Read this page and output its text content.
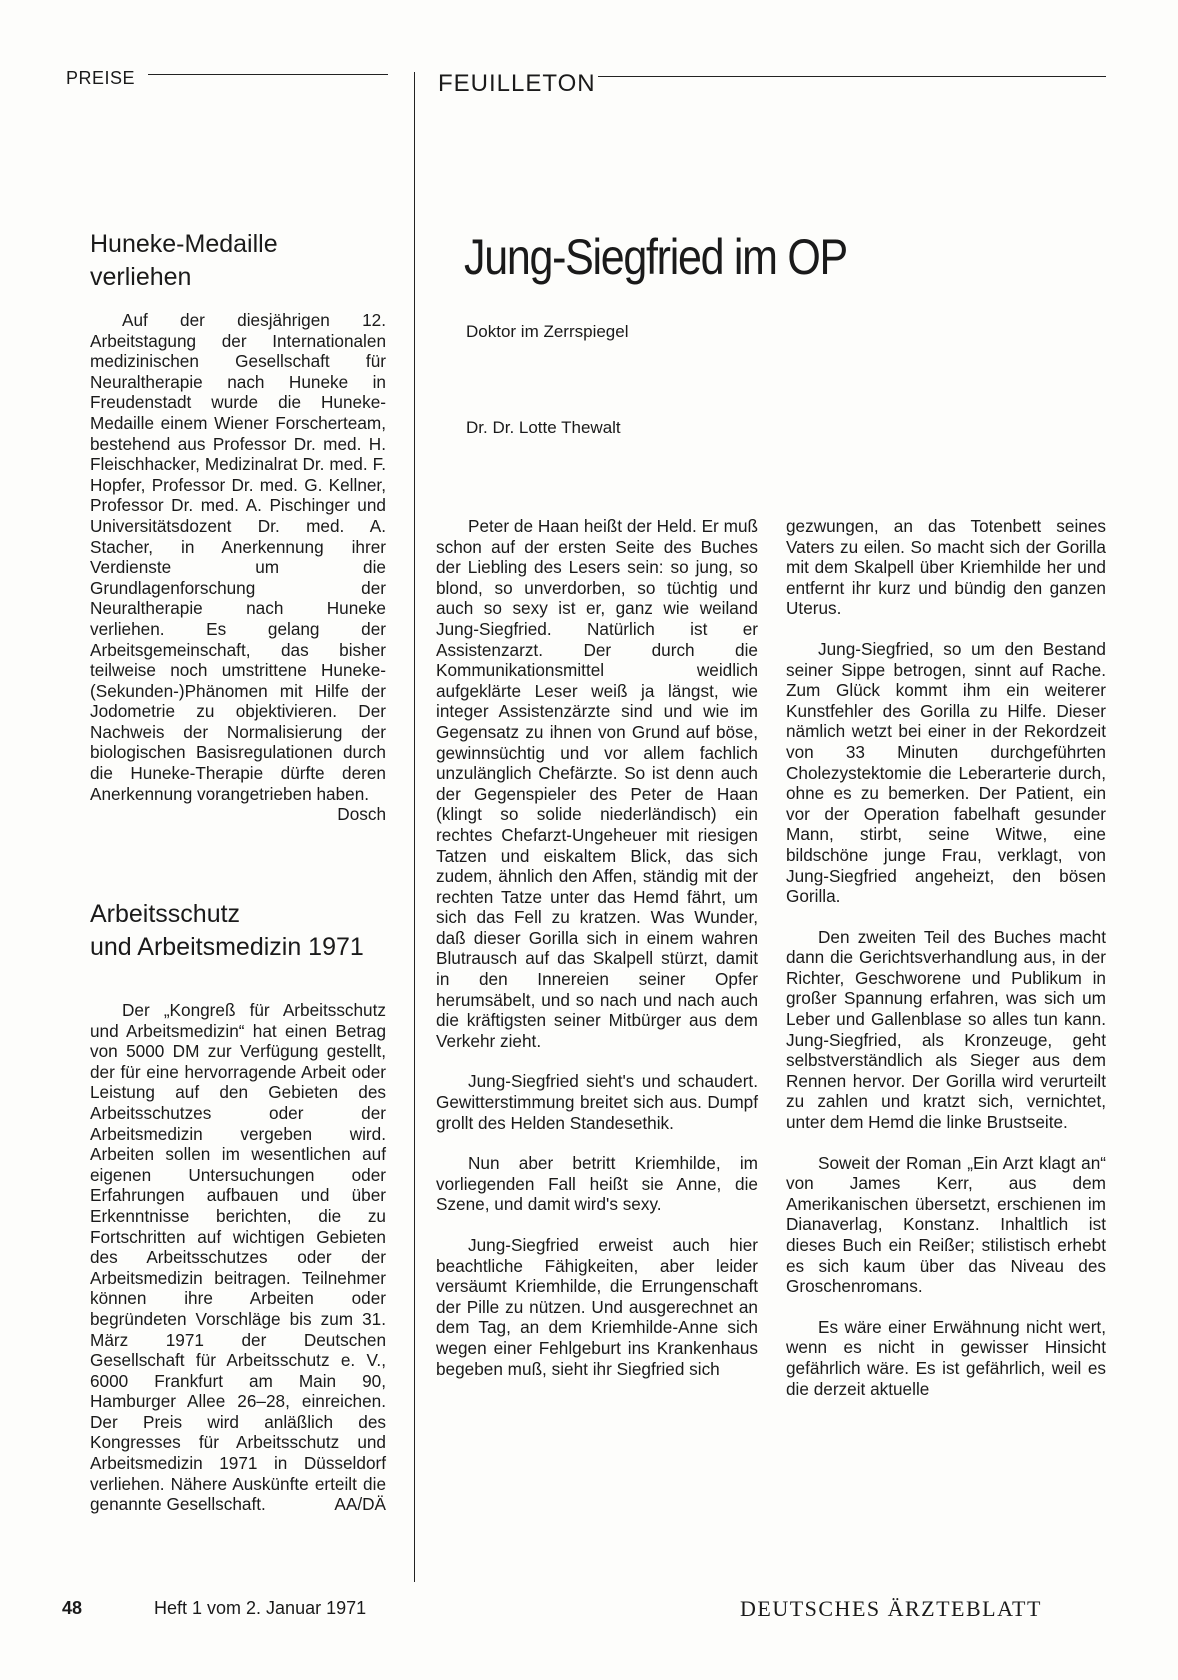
PREISE	FEUILLETON
Huneke-Medaille
verliehen

Auf der diesjährigen 12. Arbeitstagung der Internationalen medizinischen Gesellschaft für Neuraltherapie nach Huneke in Freudenstadt wurde die Huneke-Medaille einem Wiener Forscherteam, bestehend aus Professor Dr. med. H. Fleischhacker, Medizinalrat Dr. med. F. Hopfer, Professor Dr. med. G. Kellner, Professor Dr. med. A. Pischinger und Universitätsdozent Dr. med. A. Stacher, in Anerkennung ihrer Verdienste um die Grundlagenforschung der Neuraltherapie nach Huneke verliehen. Es gelang der Arbeitsgemeinschaft, das bisher teilweise noch umstrittene Huneke-(Sekunden-)Phänomen mit Hilfe der Jodometrie zu objektivieren. Der Nachweis der Normalisierung der biologischen Basisregulationen durch die Huneke-Therapie dürfte deren Anerkennung vorangetrieben haben.
Dosch

Arbeitsschutz
und Arbeitsmedizin 1971

Der „Kongreß für Arbeitsschutz und Arbeitsmedizin“ hat einen Betrag von 5000 DM zur Verfügung gestellt, der für eine hervorragende Arbeit oder Leistung auf den Gebieten des Arbeitsschutzes oder der Arbeitsmedizin vergeben wird. Arbeiten sollen im wesentlichen auf eigenen Untersuchungen oder Erfahrungen aufbauen und über Erkenntnisse berichten, die zu Fortschritten auf wichtigen Gebieten des Arbeitsschutzes oder der Arbeitsmedizin beitragen. Teilnehmer können ihre Arbeiten oder begründeten Vorschläge bis zum 31. März 1971 der Deutschen Gesellschaft für Arbeitsschutz e. V., 6000 Frankfurt am Main 90, Hamburger Allee 26–28, einreichen. Der Preis wird anläßlich des Kongresses für Arbeitsschutz und Arbeitsmedizin 1971 in Düsseldorf verliehen. Nähere Auskünfte erteilt die genannte Gesellschaft.	AA/DÄ

Jung-Siegfried im OP
Doktor im Zerrspiegel
Dr. Dr. Lotte Thewalt

Peter de Haan heißt der Held. Er muß schon auf der ersten Seite des Buches der Liebling des Lesers sein: so jung, so blond, so unverdorben, so tüchtig und auch so sexy ist er, ganz wie weiland Jung-Siegfried. Natürlich ist er Assistenzarzt. Der durch die Kommunikationsmittel weidlich aufgeklärte Leser weiß ja längst, wie integer Assistenzärzte sind und wie im Gegensatz zu ihnen von Grund auf böse, gewinnsüchtig und vor allem fachlich unzulänglich Chefärzte. So ist denn auch der Gegenspieler des Peter de Haan (klingt so solide niederländisch) ein rechtes Chefarzt-Ungeheuer mit riesigen Tatzen und eiskaltem Blick, das sich zudem, ähnlich den Affen, ständig mit der rechten Tatze unter das Hemd fährt, um sich das Fell zu kratzen. Was Wunder, daß dieser Gorilla sich in einem wahren Blutrausch auf das Skalpell stürzt, damit in den Innereien seiner Opfer herumsäbelt, und so nach und nach auch die kräftigsten seiner Mitbürger aus dem Verkehr zieht.

Jung-Siegfried sieht's und schaudert. Gewitterstimmung breitet sich aus. Dumpf grollt des Helden Standesethik.

Nun aber betritt Kriemhilde, im vorliegenden Fall heißt sie Anne, die Szene, und damit wird's sexy.

Jung-Siegfried erweist auch hier beachtliche Fähigkeiten, aber leider versäumt Kriemhilde, die Errungenschaft der Pille zu nützen. Und ausgerechnet an dem Tag, an dem Kriemhilde-Anne sich wegen einer Fehlgeburt ins Krankenhaus begeben muß, sieht ihr Siegfried sich

gezwungen, an das Totenbett seines Vaters zu eilen. So macht sich der Gorilla mit dem Skalpell über Kriemhilde her und entfernt ihr kurz und bündig den ganzen Uterus.

Jung-Siegfried, so um den Bestand seiner Sippe betrogen, sinnt auf Rache. Zum Glück kommt ihm ein weiterer Kunstfehler des Gorilla zu Hilfe. Dieser nämlich wetzt bei einer in der Rekordzeit von 33 Minuten durchgeführten Cholezystektomie die Leberarterie durch, ohne es zu bemerken. Der Patient, ein vor der Operation fabelhaft gesunder Mann, stirbt, seine Witwe, eine bildschöne junge Frau, verklagt, von Jung-Siegfried angeheizt, den bösen Gorilla.

Den zweiten Teil des Buches macht dann die Gerichtsverhandlung aus, in der Richter, Geschworene und Publikum in großer Spannung erfahren, was sich um Leber und Gallenblase so alles tun kann. Jung-Siegfried, als Kronzeuge, geht selbstverständlich als Sieger aus dem Rennen hervor. Der Gorilla wird verurteilt zu zahlen und kratzt sich, vernichtet, unter dem Hemd die linke Brustseite.

Soweit der Roman „Ein Arzt klagt an“ von James Kerr, aus dem Amerikanischen übersetzt, erschienen im Dianaverlag, Konstanz. Inhaltlich ist dieses Buch ein Reißer; stilistisch erhebt es sich kaum über das Niveau des Groschenromans.

Es wäre einer Erwähnung nicht wert, wenn es nicht in gewisser Hinsicht gefährlich wäre. Es ist gefährlich, weil es die derzeit aktuelle

48	Heft 1 vom 2. Januar 1971	DEUTSCHES ÄRZTEBLATT
